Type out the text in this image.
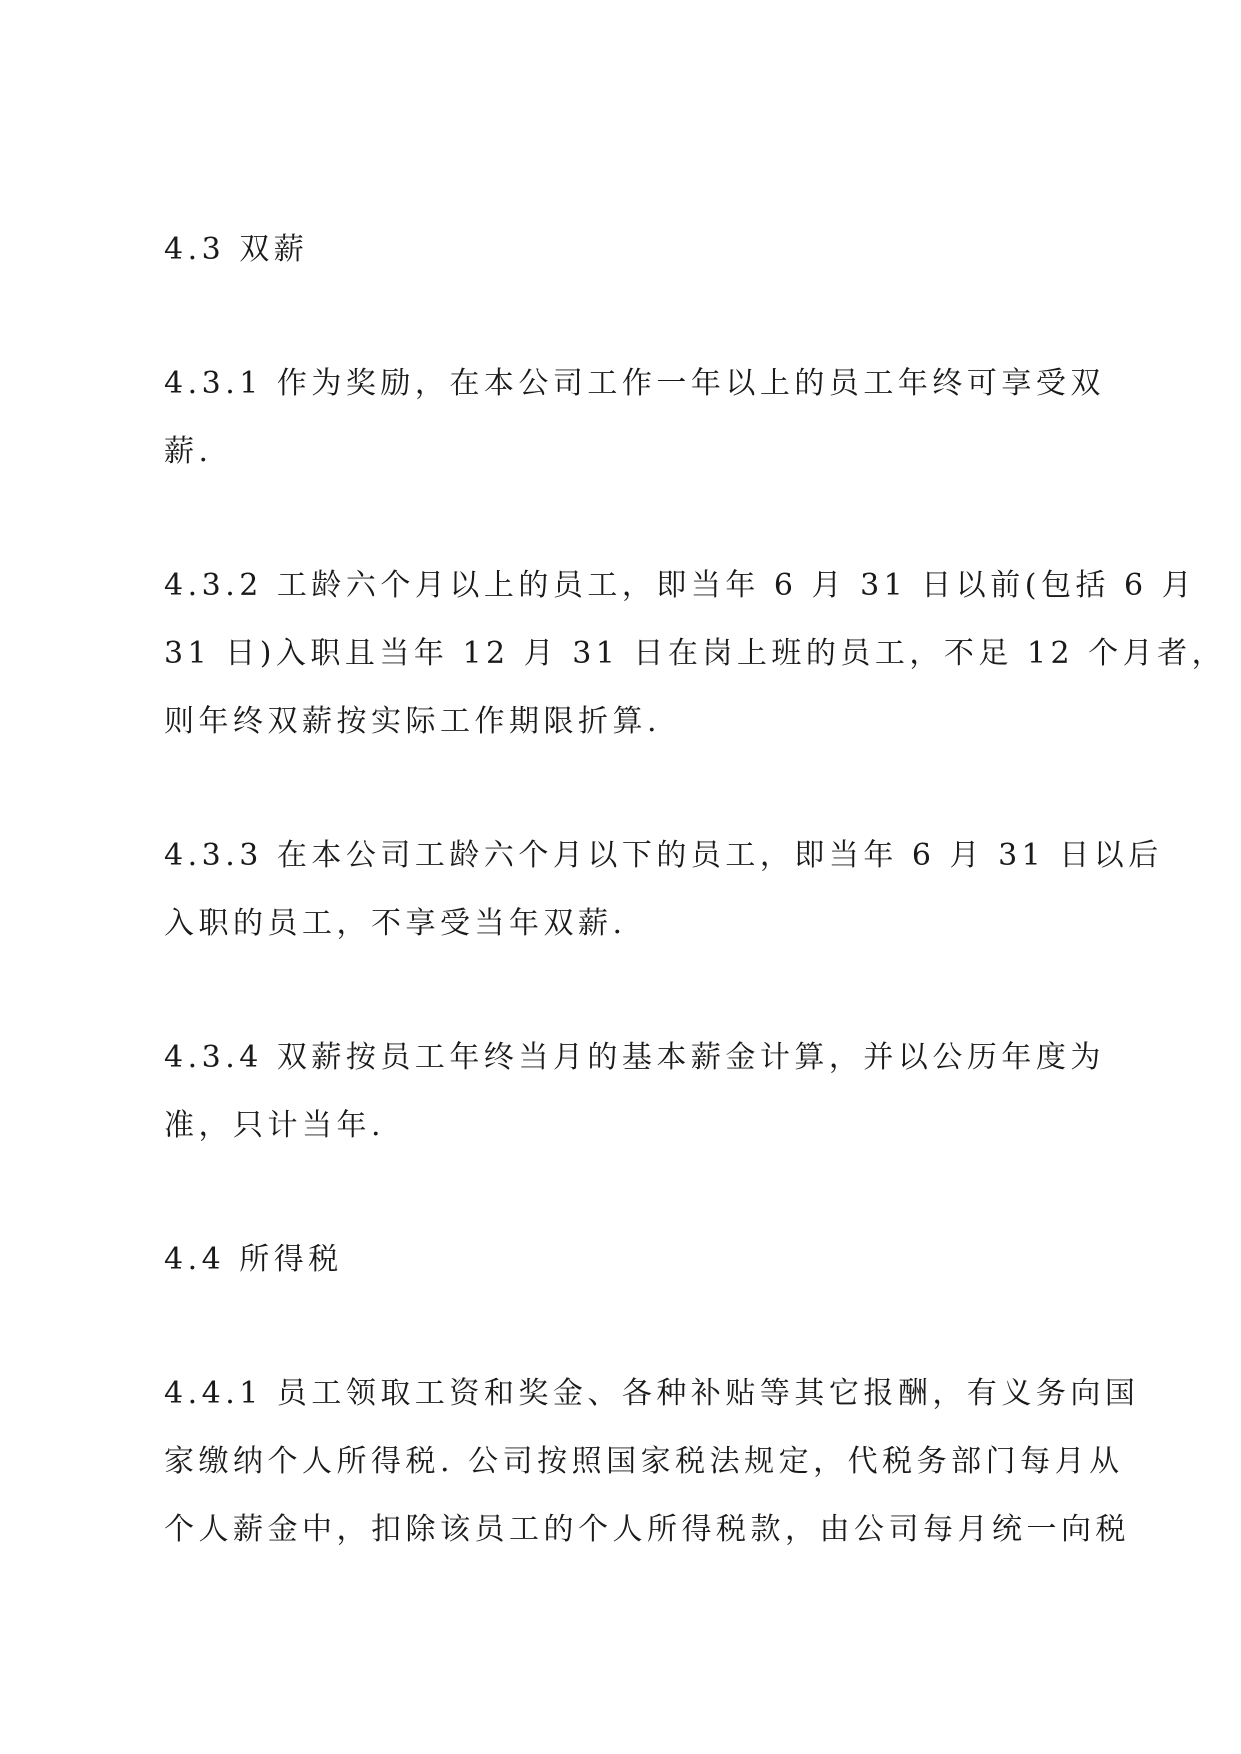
4.3 双薪
4.3.1 作为奖励，在本公司工作一年以上的员工年终可享受双
薪.
4.3.2 工龄六个月以上的员工，即当年 6 月 31 日以前(包括 6 月
31 日)入职且当年 12 月 31 日在岗上班的员工，不足 12 个月者，
则年终双薪按实际工作期限折算.
4.3.3 在本公司工龄六个月以下的员工，即当年 6 月 31 日以后
入职的员工，不享受当年双薪.
4.3.4 双薪按员工年终当月的基本薪金计算，并以公历年度为
准，只计当年.
4.4 所得税
4.4.1 员工领取工资和奖金、各种补贴等其它报酬，有义务向国
家缴纳个人所得税. 公司按照国家税法规定，代税务部门每月从
个人薪金中，扣除该员工的个人所得税款，由公司每月统一向税
